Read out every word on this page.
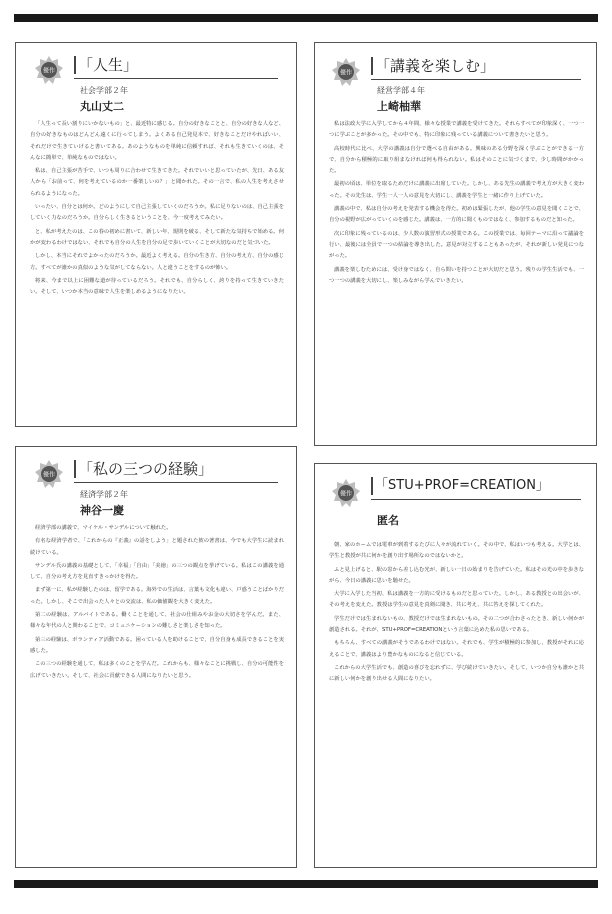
優作 「人生」
社会学部２年
丸山丈二

「人生って長い割りにいかないもの」と、最近特に感じる。自分の好きなことと、自分の好きな人など、自分の好きなものはどんどん遠くに行ってしまう。よくある自己発見本で、好きなことだけやればいい、それだけで生きていけると書いてある。あのようなものを単純に信頼すれば、それも生きていくのは、そんなに簡単で、単純なものではない。

私は、自己主張が苦手で、いつも周りに合わせて生きてきた。それでいいと思っていたが、先日、ある友人から「お前って、何を考えているのか一番楽しいの？」と聞かれた。その一言で、私の人生を考えさせられるようになった。

いったい、自分とは何か。どのようにして自己主張していくのだろうか。私に足りないのは、自己主張をしていく力なのだろうか。自分らしく生きるということを、今一度考えてみたい。

と、私が考えたのは、この春の初めに書いて、新しい年、規則を破る、そして新たな気持ちで始める。何かが変わるわけではない、それでも自分の人生を自分の足で歩いていくことが大切なのだと気づいた。

しかし、本当にそれでよかったのだろうか。最近よく考える。自分の生き方、自分の考え方、自分の感じ方。すべてが誰かの真似のような気がしてならない。人と違うことをするのが怖い。

将来、今まで以上に困難な道が待っているだろう。それでも、自分らしく、誇りを持って生きていきたい。そして、いつか本当の意味で人生を楽しめるようになりたい。

優作 「講義を楽しむ」
経営学部４年
上崎柚華

私は法政大学に入学してから４年間、様々な授業で講義を受けてきた。それらすべてが印象深く、一つ一つに学ぶことが多かった。その中でも、特に印象に残っている講義について書きたいと思う。

高校時代に比べ、大学の講義は自分で選べる自由がある。興味のある分野を深く学ぶことができる一方で、自分から積極的に取り組まなければ何も得られない。私はそのことに気づくまで、少し時間がかかった。

最初の頃は、単位を取るためだけに講義に出席していた。しかし、ある先生の講義で考え方が大きく変わった。その先生は、学生一人一人の意見を大切にし、講義を学生と一緒に作り上げていた。

講義の中で、私は自分の考えを発表する機会を得た。初めは緊張したが、他の学生の意見を聞くことで、自分の視野が広がっていくのを感じた。講義は、一方的に聞くものではなく、参加するものだと知った。

次に印象に残っているのは、少人数の演習形式の授業である。この授業では、毎回テーマに沿って議論を行い、最後には全員で一つの結論を導き出した。意見が対立することもあったが、それが新しい発見につながった。

講義を楽しむためには、受け身ではなく、自ら問いを持つことが大切だと思う。残りの学生生活でも、一つ一つの講義を大切にし、楽しみながら学んでいきたい。

優作 「私の三つの経験」
経済学部２年
神谷一慶

経済学部の講義で、マイケル・サンデルについて触れた。

有名な経済学者で、「これからの『正義』の話をしよう」と題された彼の著書は、今でも大学生に読まれ続けている。

サンデル氏の講義の基礎として、「幸福」「自由」「美徳」の三つの観点を挙げている。私はこの講義を通して、自分の考え方を見直すきっかけを得た。

まず第一に、私が経験したのは、留学である。海外での生活は、言葉も文化も違い、戸惑うことばかりだった。しかし、そこで出会った人々との交流は、私の価値観を大きく変えた。

第二の経験は、アルバイトである。働くことを通して、社会の仕組みやお金の大切さを学んだ。また、様々な年代の人と関わることで、コミュニケーションの難しさと楽しさを知った。

第三の経験は、ボランティア活動である。困っている人を助けることで、自分自身も成長できることを実感した。

この三つの経験を通して、私は多くのことを学んだ。これからも、様々なことに挑戦し、自分の可能性を広げていきたい。そして、社会に貢献できる人間になりたいと思う。

優作
「STU+PROF=CREATION」
匿名

朝、家のホームでは電車が到着するたびに人々が流れていく。その中で、私はいつも考える。大学とは、学生と教授が共に何かを創り出す場所なのではないかと。

ふと見上げると、駅の窓から差し込む光が、新しい一日の始まりを告げていた。私はその光の中を歩きながら、今日の講義に思いを馳せた。

大学に入学した当初、私は講義を一方的に受けるものだと思っていた。しかし、ある教授との出会いが、その考えを変えた。教授は学生の意見を真剣に聞き、共に考え、共に答えを探してくれた。

学生だけでは生まれないもの、教授だけでは生まれないもの。その二つが合わさったとき、新しい何かが創造される。それが、STU+PROF=CREATIONという言葉に込めた私の思いである。

もちろん、すべての講義がそうであるわけではない。それでも、学生が積極的に参加し、教授がそれに応えることで、講義はより豊かなものになると信じている。

これからの大学生活でも、創造の喜びを忘れずに、学び続けていきたい。そして、いつか自分も誰かと共に新しい何かを創り出せる人間になりたい。
